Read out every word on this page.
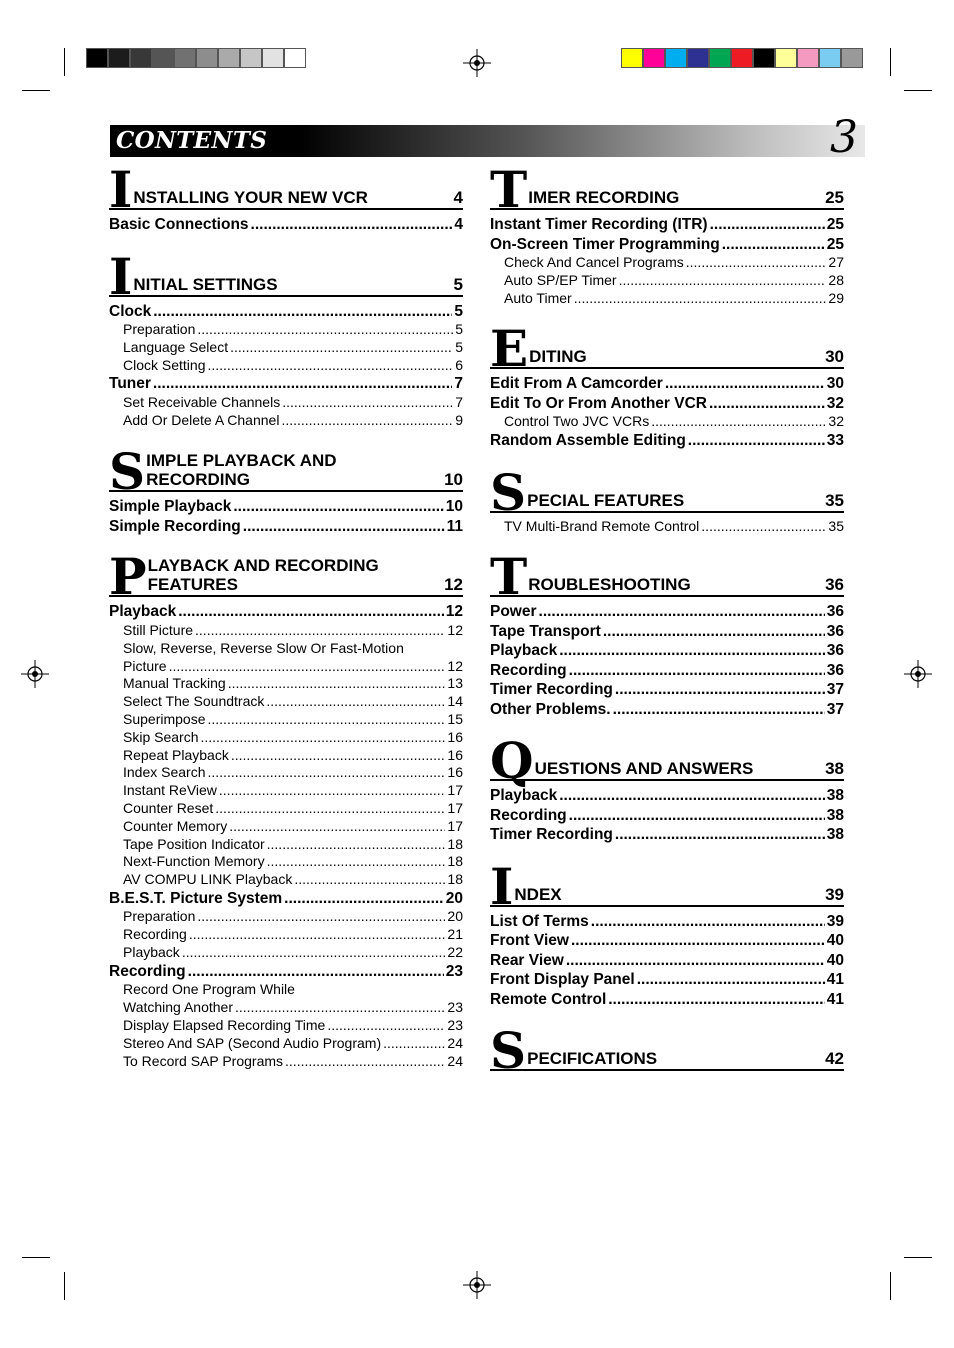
CONTENTS	3
I NSTALLING YOUR NEW VCR	4
Basic Connections .....	4
I NITIAL SETTINGS	5
Clock .....	5
Preparation .....	5
Language Select .....	5
Clock Setting .....	6
Tuner .....	7
Set Receivable Channels .....	7
Add Or Delete A Channel .....	9
S IMPLE PLAYBACK AND
RECORDING	10
Simple Playback .....	10
Simple Recording .....	11
P LAYBACK AND RECORDING
FEATURES	12
Playback .....	12
Still Picture .....	12
Slow, Reverse, Reverse Slow Or Fast-Motion
Picture .....	12
Manual Tracking .....	13
Select The Soundtrack .....	14
Superimpose .....	15
Skip Search .....	16
Repeat Playback .....	16
Index Search .....	16
Instant ReView .....	17
Counter Reset .....	17
Counter Memory .....	17
Tape Position Indicator .....	18
Next-Function Memory .....	18
AV COMPU LINK Playback .....	18
B.E.S.T. Picture System .....	20
Preparation .....	20
Recording .....	21
Playback .....	22
Recording .....	23
Record One Program While
Watching Another .....	23
Display Elapsed Recording Time .....	23
Stereo And SAP (Second Audio Program) .....	24
To Record SAP Programs .....	24
T IMER RECORDING	25
Instant Timer Recording (ITR) .....	25
On-Screen Timer Programming .....	25
Check And Cancel Programs .....	27
Auto SP/EP Timer .....	28
Auto Timer .....	29
E DITING	30
Edit From A Camcorder .....	30
Edit To Or From Another VCR .....	32
Control Two JVC VCRs .....	32
Random Assemble Editing .....	33
S PECIAL FEATURES	35
TV Multi-Brand Remote Control .....	35
T ROUBLESHOOTING	36
Power .....	36
Tape Transport .....	36
Playback .....	36
Recording .....	36
Timer Recording .....	37
Other Problems. .....	37
Q UESTIONS AND ANSWERS	38
Playback .....	38
Recording .....	38
Timer Recording .....	38
I NDEX	39
List Of Terms .....	39
Front View .....	40
Rear View .....	40
Front Display Panel .....	41
Remote Control .....	41
S PECIFICATIONS	42
